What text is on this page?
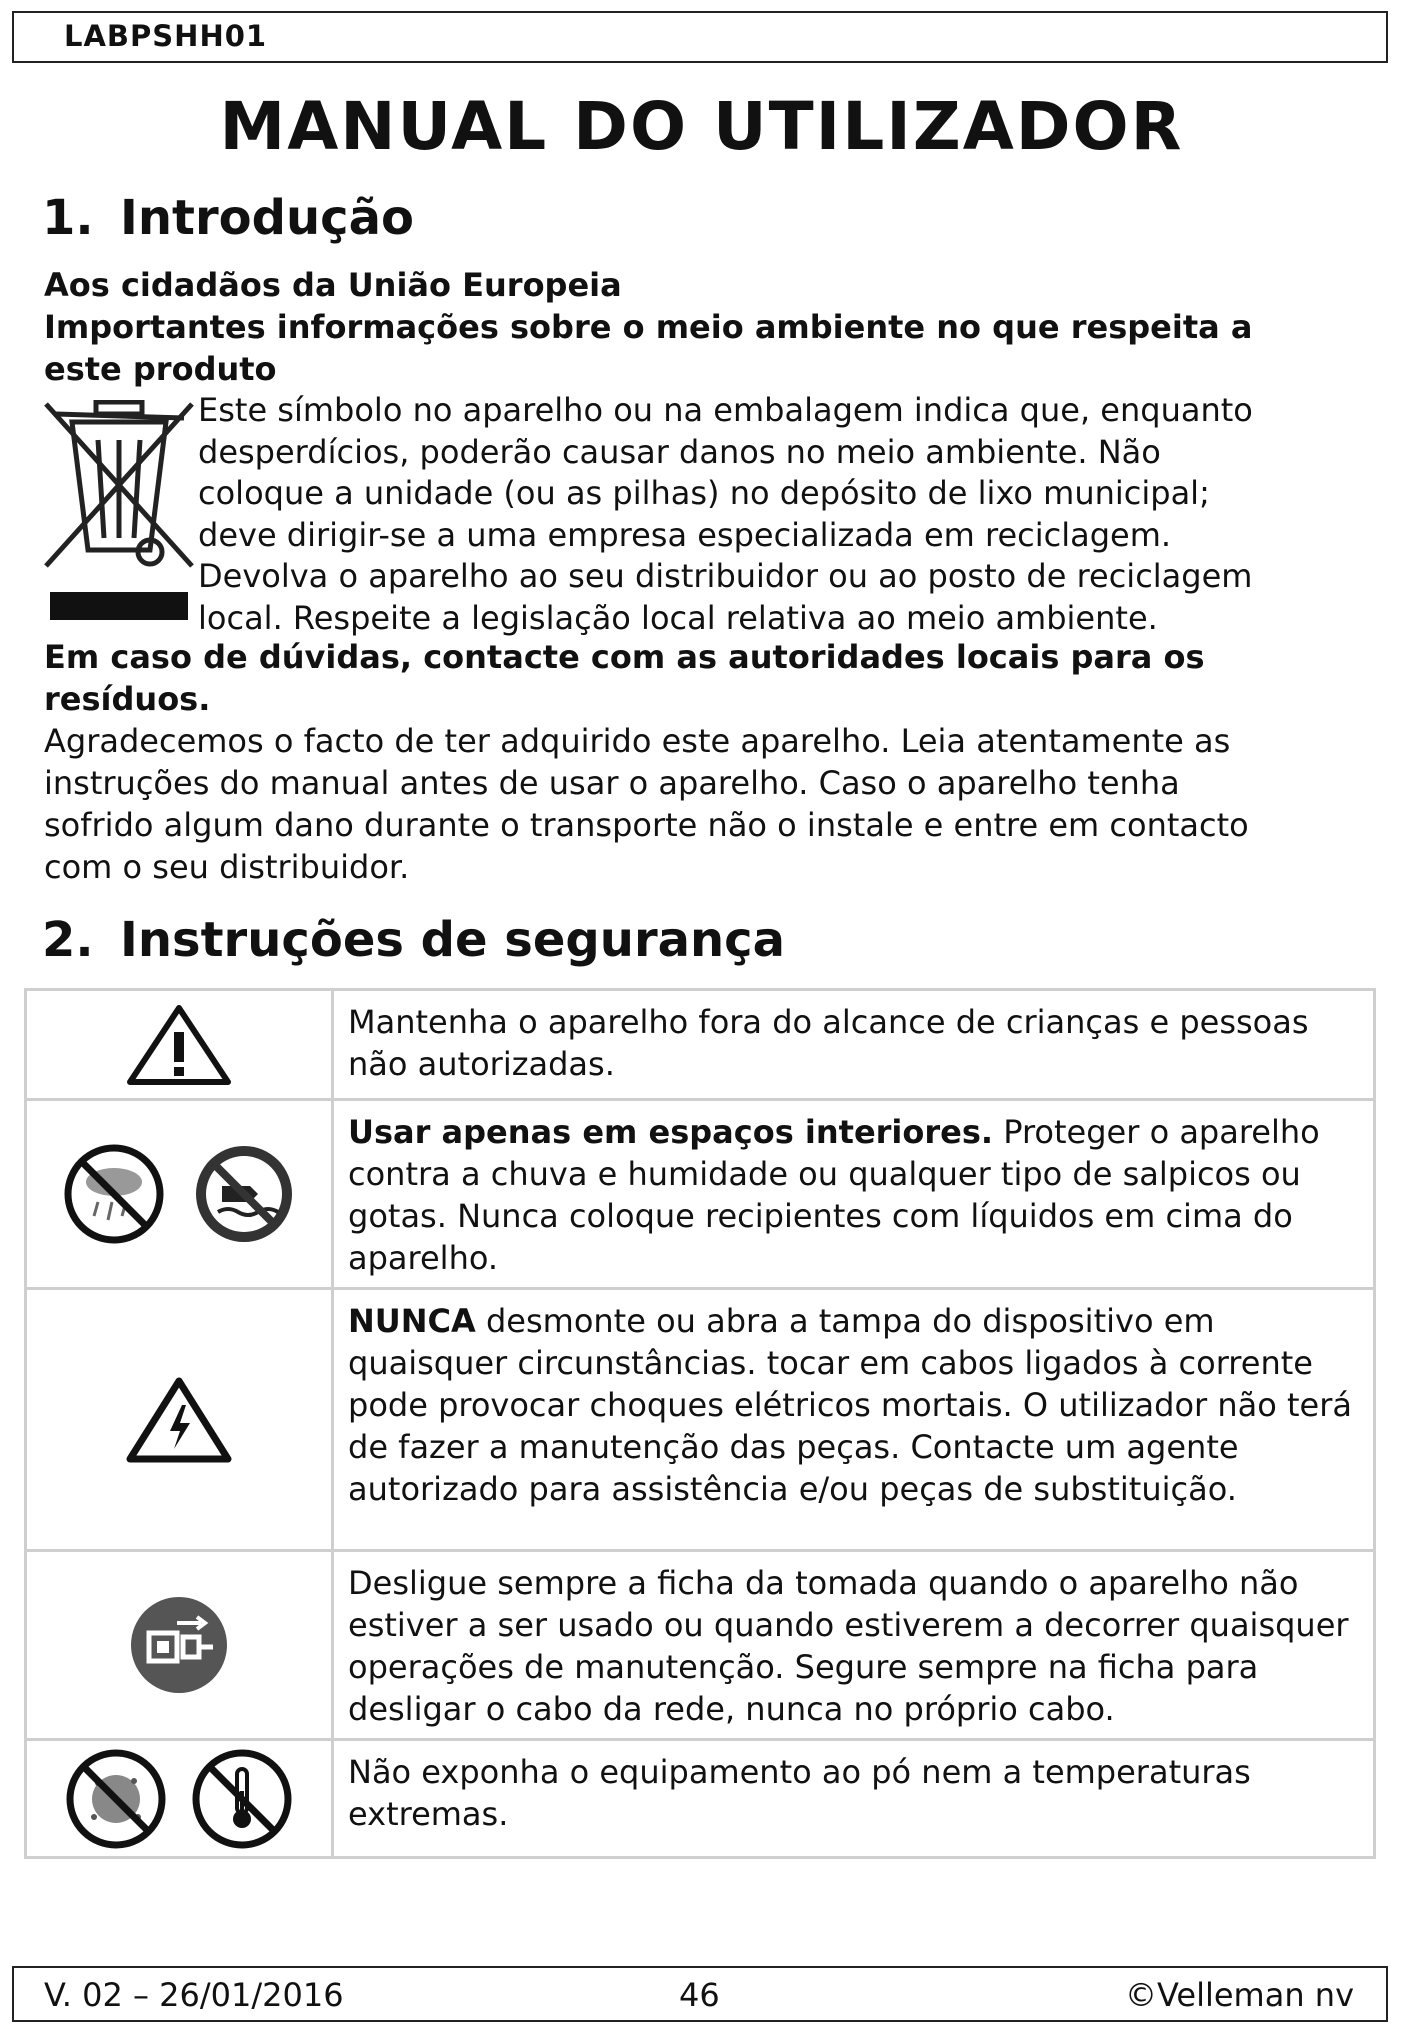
LABPSHH01
MANUAL DO UTILIZADOR
1. Introdução
Aos cidadãos da União Europeia
Importantes informações sobre o meio ambiente no que respeita a
este produto
Este símbolo no aparelho ou na embalagem indica que, enquanto
desperdícios, poderão causar danos no meio ambiente. Não
coloque a unidade (ou as pilhas) no depósito de lixo municipal;
deve dirigir-se a uma empresa especializada em reciclagem.
Devolva o aparelho ao seu distribuidor ou ao posto de reciclagem
local. Respeite a legislação local relativa ao meio ambiente.
Em caso de dúvidas, contacte com as autoridades locais para os
resíduos.
Agradecemos o facto de ter adquirido este aparelho. Leia atentamente as
instruções do manual antes de usar o aparelho. Caso o aparelho tenha
sofrido algum dano durante o transporte não o instale e entre em contacto
com o seu distribuidor.
2. Instruções de segurança
	Mantenha o aparelho fora do alcance de crianças e pessoas não autorizadas.
	Usar apenas em espaços interiores. Proteger o aparelho contra a chuva e humidade ou qualquer tipo de salpicos ou gotas. Nunca coloque recipientes com líquidos em cima do aparelho.
	NUNCA desmonte ou abra a tampa do dispositivo em quaisquer circunstâncias. tocar em cabos ligados à corrente pode provocar choques elétricos mortais. O utilizador não terá de fazer a manutenção das peças. Contacte um agente autorizado para assistência e/ou peças de substituição.
	Desligue sempre a ficha da tomada quando o aparelho não estiver a ser usado ou quando estiverem a decorrer quaisquer operações de manutenção. Segure sempre na ficha para desligar o cabo da rede, nunca no próprio cabo.
	Não exponha o equipamento ao pó nem a temperaturas extremas.
V. 02 – 26/01/2016	46	©Velleman nv
